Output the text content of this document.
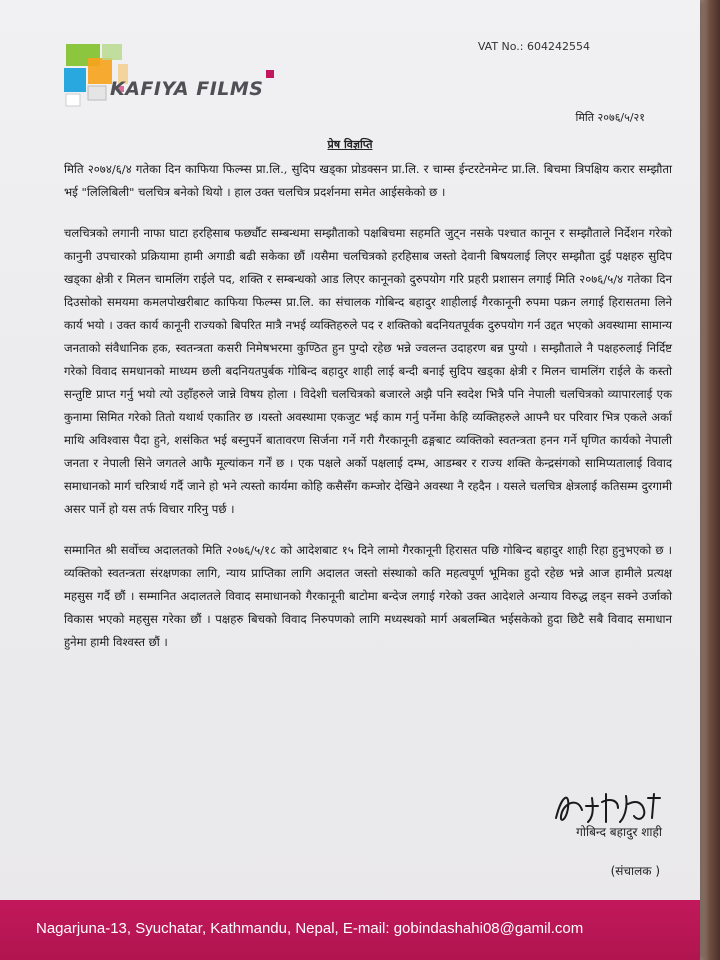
VAT No.: 604242554
KAFIYA FILMS
मिति २०७६/५/२१
प्रेष विज्ञप्ति

मिति २०७४/६/४ गतेका दिन काफिया फिल्म्स प्रा.लि., सुदिप खड्का प्रोडक्सन प्रा.लि. र चाम्स ईन्टरटेनमेन्ट प्रा.लि. बिचमा त्रिपक्षिय करार सम्झौता भई "लिलिबिली" चलचित्र बनेको थियो । हाल उक्त चलचित्र प्रदर्शनमा समेत आईसकेको छ ।

चलचित्रको लगानी नाफा घाटा हरहिसाब फर्छ्यौट सम्बन्धमा सम्झौताको पक्षबिचमा सहमति जुट्न नसके पश्चात कानून र सम्झौताले निर्देशन गरेको कानुनी उपचारको प्रक्रियामा हामी अगाडी बढी सकेका छौं ।यसैमा चलचित्रको हरहिसाब जस्तो देवानी बिषयलाई लिएर सम्झौता दुई पक्षहरु सुदिप खड्का क्षेत्री र मिलन चामलिंग राईले पद, शक्ति र सम्बन्धको आड लिएर कानूनको दुरुपयोग गरि प्रहरी प्रशासन लगाई मिति २०७६/५/४ गतेका दिन दिउसोको समयमा कमलपोखरीबाट काफिया फिल्म्स प्रा.लि. का संचालक गोबिन्द बहादुर शाहीलाई गैरकानूनी रुपमा पक्रन लगाई हिरासतमा लिने कार्य भयो । उक्त कार्य कानूनी राज्यको बिपरित मात्रै नभई व्यक्तिहरुले पद र शक्तिको बदनियतपूर्वक दुरुपयोग गर्न उद्दत भएको अवस्थामा सामान्य जनताको संवैधानिक हक, स्वतन्त्रता कसरी निमेषभरमा कुण्ठित हुन पुग्दो रहेछ भन्ने ज्वलन्त उदाहरण बन्न पुग्यो । सम्झौताले नै पक्षहरुलाई निर्दिष्ट गरेको विवाद समधानको माध्यम छली बदनियतपुर्बक गोबिन्द बहादुर शाही लाई बन्दी बनाई सुदिप खड्का क्षेत्री र मिलन चामलिंग राईले के कस्तो सन्तुष्टि प्राप्त गर्नु भयो त्यो उहाँहरुले जान्ने विषय होला । विदेशी चलचित्रको बजारले अझै पनि स्वदेश भित्रै पनि नेपाली चलचित्रको व्यापारलाई एक कुनामा सिमित गरेको तितो यथार्थ एकातिर छ ।यस्तो अवस्थामा एकजुट भई काम गर्नु पर्नेमा केहि व्यक्तिहरुले आफ्नै घर परिवार भित्र एकले अर्का माथि अविश्वास पैदा हुने, शसंकित भई बस्नुपर्ने बातावरण सिर्जना गर्ने गरी गैरकानूनी ढङ्गबाट व्यक्तिको स्वतन्त्रता हनन गर्ने घृणित कार्यको नेपाली जनता र नेपाली सिने जगतले आफै मूल्यांकन गर्नें छ । एक पक्षले अर्को पक्षलाई दम्भ, आडम्बर र राज्य शक्ति केन्द्रसंगको सामिप्यतालाई विवाद समाधानको मार्ग चरित्रार्थ गर्दै जाने हो भने त्यस्तो कार्यमा कोहि कसैसँग कम्जोर देखिने अवस्था नै रहदैन । यसले चलचित्र क्षेत्रलाई कतिसम्म दुरगामी असर पार्ने हो यस तर्फ विचार गरिनु पर्छ ।

सम्मानित श्री सर्वोच्च अदालतको मिति २०७६/५/१८ को आदेशबाट १५ दिने लामो गैरकानूनी हिरासत पछि गोबिन्द बहादुर शाही रिहा हुनुभएको छ । व्यक्तिको स्वतन्त्रता संरक्षणका लागि, न्याय प्राप्तिका लागि अदालत जस्तो संस्थाको कति महत्वपूर्ण भूमिका हुदो रहेछ भन्ने आज हामीले प्रत्यक्ष महसुस गर्दै छौं । सम्मानित अदालतले विवाद समाधानको गैरकानूनी बाटोमा बन्देज लगाई गरेको उक्त आदेशले अन्याय विरुद्ध लड्न सक्ने उर्जाको विकास भएको महसुस गरेका छौं । पक्षहरु बिचको विवाद निरुपणको लागि मध्यस्थको मार्ग अबलम्बित भईसकेको हुदा छिटै सबै विवाद समाधान हुनेमा हामी विश्वस्त छौं ।

गोबिन्द बहादुर शाही
(संचालक )
Nagarjuna-13, Syuchatar, Kathmandu, Nepal, E-mail: gobindashahi08@gamil.com
